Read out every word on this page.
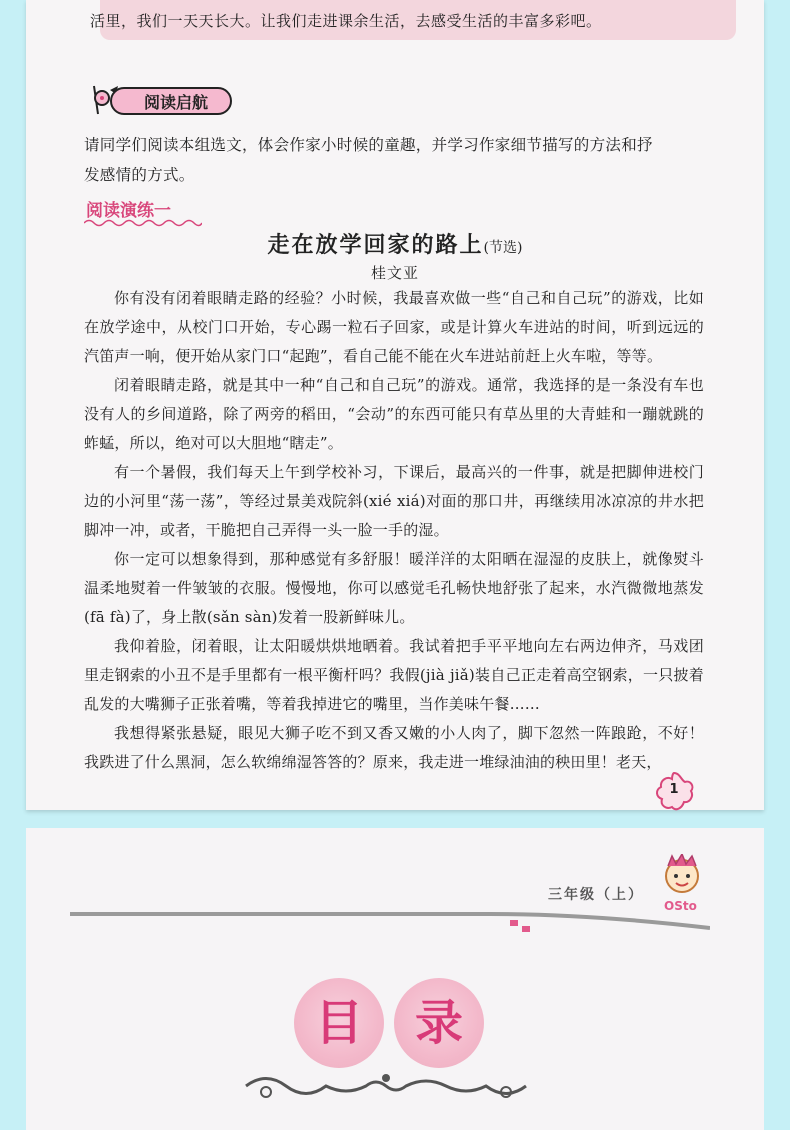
活里，我们一天天长大。让我们走进课余生活，去感受生活的丰富多彩吧。
阅读启航
请同学们阅读本组选文，体会作家小时候的童趣，并学习作家细节描写的方法和抒
发感情的方式。
阅读演练一
走在放学回家的路上(节选)
桂文亚

你有没有闭着眼睛走路的经验？小时候，我最喜欢做一些“自己和自己玩”的游戏，比如在放学途中，从校门口开始，专心踢一粒石子回家，或是计算火车进站的时间，听到远远的汽笛声一响，便开始从家门口“起跑”，看自己能不能在火车进站前赶上火车啦，等等。

闭着眼睛走路，就是其中一种“自己和自己玩”的游戏。通常，我选择的是一条没有车也没有人的乡间道路，除了两旁的稻田，“会动”的东西可能只有草丛里的大青蛙和一蹦就跳的蚱蜢，所以，绝对可以大胆地“瞎走”。

有一个暑假，我们每天上午到学校补习，下课后，最高兴的一件事，就是把脚伸进校门边的小河里“荡一荡”，等经过景美戏院斜(xié xiá)对面的那口井，再继续用冰凉凉的井水把脚冲一冲，或者，干脆把自己弄得一头一脸一手的湿。

你一定可以想象得到，那种感觉有多舒服！暖洋洋的太阳晒在湿湿的皮肤上，就像熨斗温柔地熨着一件皱皱的衣服。慢慢地，你可以感觉毛孔畅快地舒张了起来，水汽微微地蒸发(fā fà)了，身上散(sǎn sàn)发着一股新鲜味儿。

我仰着脸，闭着眼，让太阳暖烘烘地晒着。我试着把手平平地向左右两边伸齐，马戏团里走钢索的小丑不是手里都有一根平衡杆吗？我假(jià jiǎ)装自己正走着高空钢索，一只披着乱发的大嘴狮子正张着嘴，等着我掉进它的嘴里，当作美味午餐……

我想得紧张悬疑，眼见大狮子吃不到又香又嫩的小人肉了，脚下忽然一阵踉跄，不好！我跌进了什么黑洞，怎么软绵绵湿答答的？原来，我走进一堆绿油油的秧田里！老天，

1
三年级（上）
OSto
目	录
